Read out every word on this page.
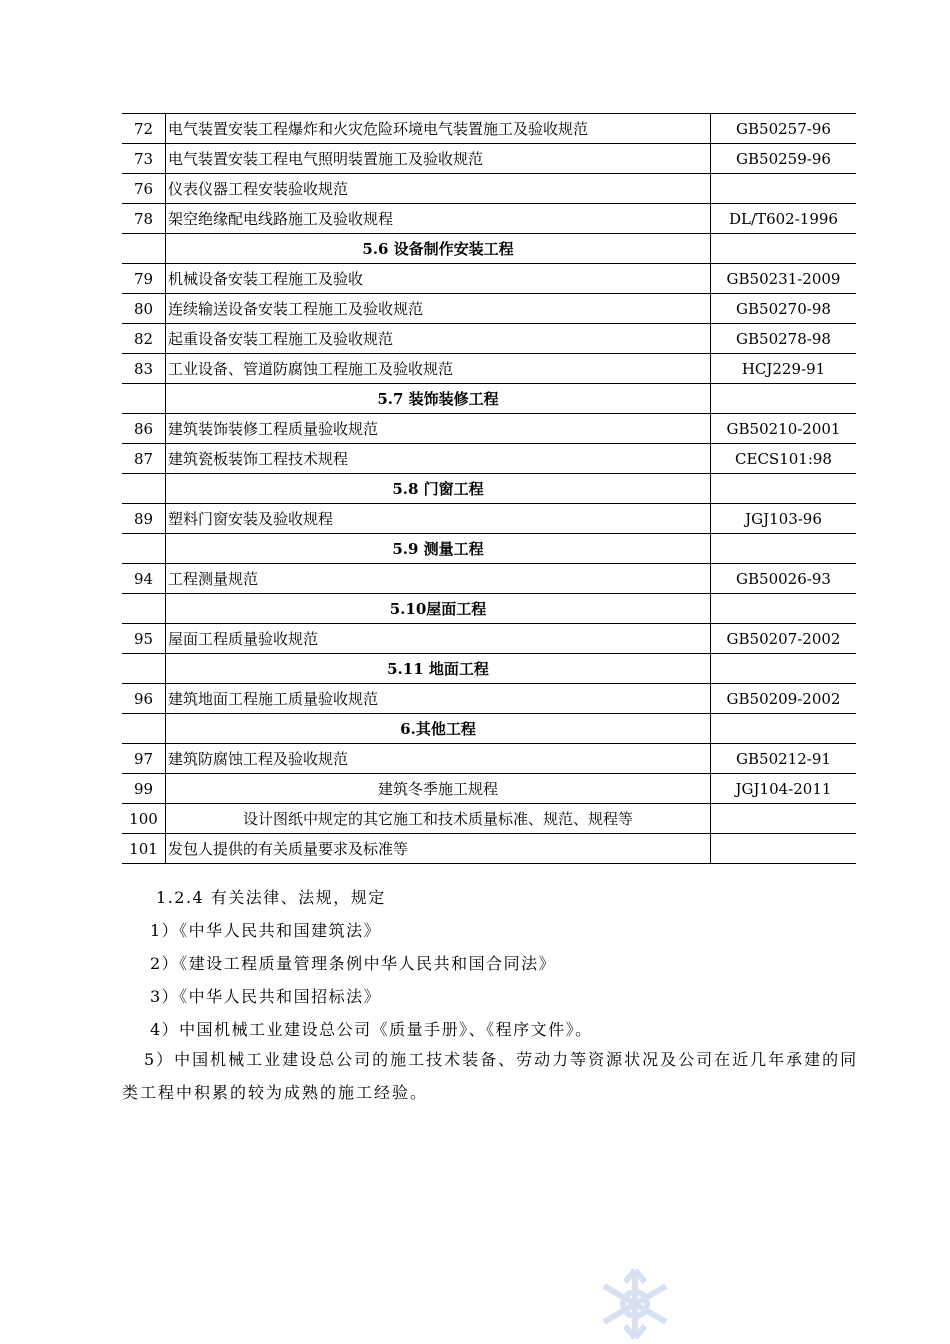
72	电气装置安装工程爆炸和火灾危险环境电气装置施工及验收规范	GB50257-96
73	电气装置安装工程电气照明装置施工及验收规范	GB50259-96
76	仪表仪器工程安装验收规范	
78	架空绝缘配电线路施工及验收规程	DL/T602-1996
	5.6 设备制作安装工程	
79	机械设备安装工程施工及验收	GB50231-2009
80	连续输送设备安装工程施工及验收规范	GB50270-98
82	起重设备安装工程施工及验收规范	GB50278-98
83	工业设备、管道防腐蚀工程施工及验收规范	HCJ229-91
	5.7 装饰装修工程	
86	建筑装饰装修工程质量验收规范	GB50210-2001
87	建筑瓷板装饰工程技术规程	CECS101:98
	5.8 门窗工程	
89	塑料门窗安装及验收规程	JGJ103-96
	5.9 测量工程	
94	工程测量规范	GB50026-93
	5.10屋面工程	
95	屋面工程质量验收规范	GB50207-2002
	5.11 地面工程	
96	建筑地面工程施工质量验收规范	GB50209-2002
	6.其他工程	
97	建筑防腐蚀工程及验收规范	GB50212-91
99	建筑冬季施工规程	JGJ104-2011
100	设计图纸中规定的其它施工和技术质量标准、规范、规程等	
101	发包人提供的有关质量要求及标准等	

1.2.4 有关法律、法规，规定

1）《中华人民共和国建筑法》

2）《建设工程质量管理条例中华人民共和国合同法》

3）《中华人民共和国招标法》

4）中国机械工业建设总公司《质量手册》、《程序文件》。

5）中国机械工业建设总公司的施工技术装备、劳动力等资源状况及公司在近几年承建的同类工程中积累的较为成熟的施工经验。
